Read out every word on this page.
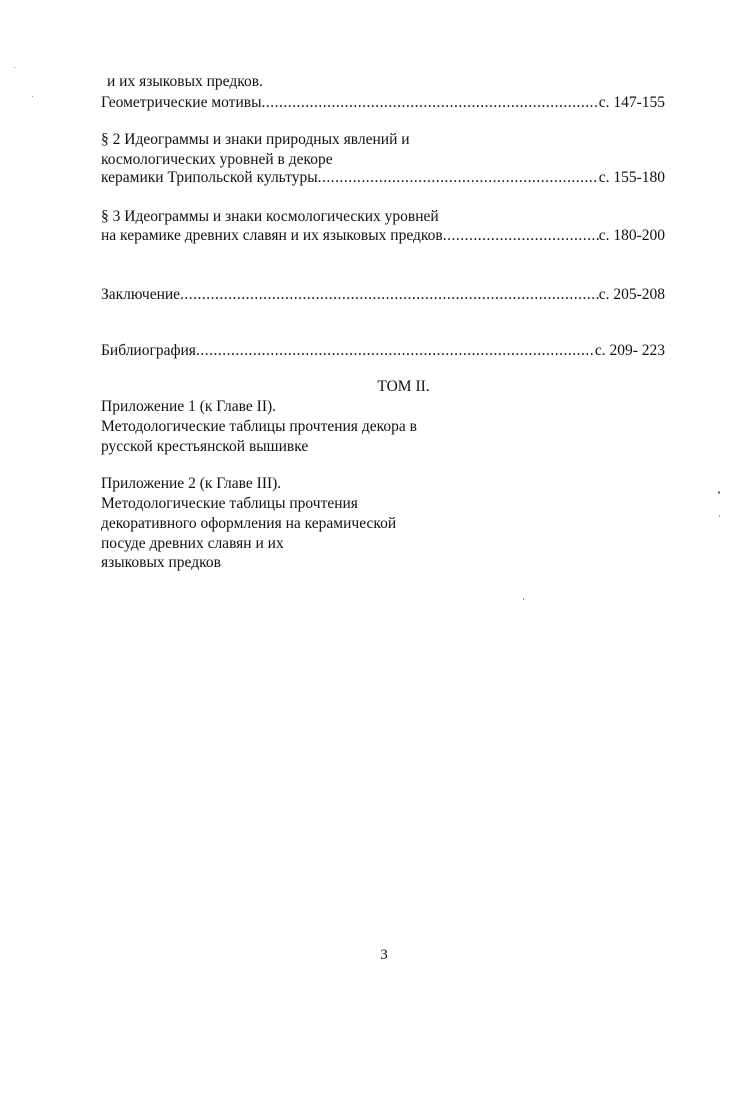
и их языковых предков.
Геометрические мотивы .....	с. 147-155
§ 2 Идеограммы и знаки природных явлений и
космологических уровней в декоре
керамики Трипольской культуры .....	с. 155-180
§ 3 Идеограммы и знаки космологических уровней
на керамике древних славян и их языковых предков .....	с. 180-200
Заключение .....	с. 205-208
Библиография .....	с. 209- 223
ТОМ II.
Приложение 1 (к Главе II).
Методологические таблицы прочтения декора в
русской крестьянской вышивке
Приложение 2 (к Главе III).
Методологические таблицы прочтения
декоративного оформления на керамической
посуде древних славян и их
языковых предков
3
